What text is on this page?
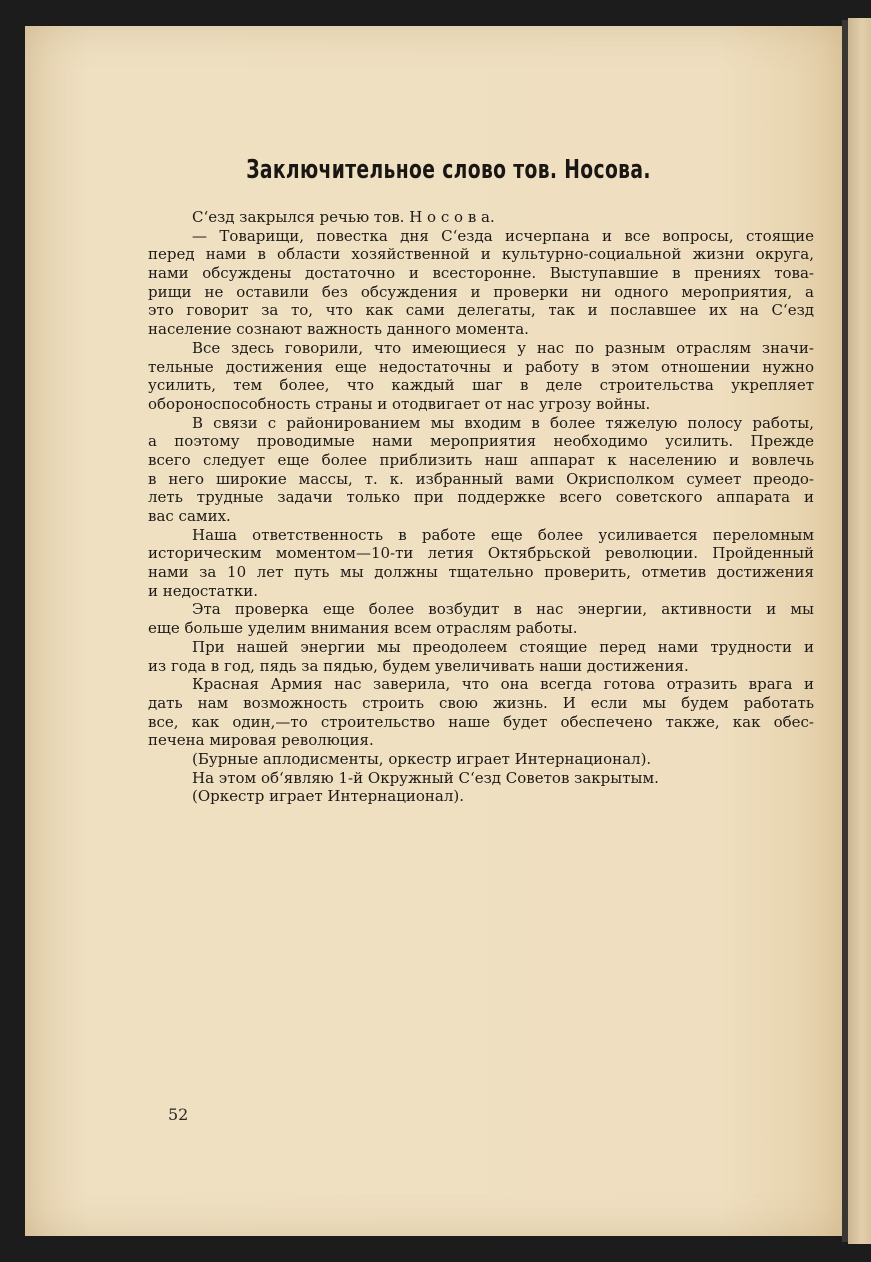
Заключительное слово тов. Носова.
С‘езд закрылся речью тов. Н о с о в а.
— Товарищи, повестка дня С‘езда исчерпана и все вопросы, стоящие
перед нами в области хозяйственной и культурно-социальной жизни округа,
нами обсуждены достаточно и всесторонне. Выступавшие в прениях това-
рищи не оставили без обсуждения и проверки ни одного мероприятия, а
это говорит за то, что как сами делегаты, так и пославшее их на С‘езд
население сознают важность данного момента.
Все здесь говорили, что имеющиеся у нас по разным отраслям значи-
тельные достижения еще недостаточны и работу в этом отношении нужно
усилить, тем более, что каждый шаг в деле строительства укрепляет
обороноспособность страны и отодвигает от нас угрозу войны.
В связи с районированием мы входим в более тяжелую полосу работы,
а поэтому проводимые нами мероприятия необходимо усилить. Прежде
всего следует еще более приблизить наш аппарат к населению и вовлечь
в него широкие массы, т. к. избранный вами Окрисполком сумеет преодо-
леть трудные задачи только при поддержке всего советского аппарата и
вас самих.
Наша ответственность в работе еще более усиливается переломным
историческим моментом—10-ти летия Октябрьской революции. Пройденный
нами за 10 лет путь мы должны тщательно проверить, отметив достижения
и недостатки.
Эта проверка еще более возбудит в нас энергии, активности и мы
еще больше уделим внимания всем отраслям работы.
При нашей энергии мы преодолеем стоящие перед нами трудности и
из года в год, пядь за пядью, будем увеличивать наши достижения.
Красная Армия нас заверила, что она всегда готова отразить врага и
дать нам возможность строить свою жизнь. И если мы будем работать
все, как один,—то строительство наше будет обеспечено также, как обес-
печена мировая революция.
(Бурные аплодисменты, оркестр играет Интернационал).
На этом об‘являю 1-й Окружный С‘езд Советов закрытым.
(Оркестр играет Интернационал).

52
